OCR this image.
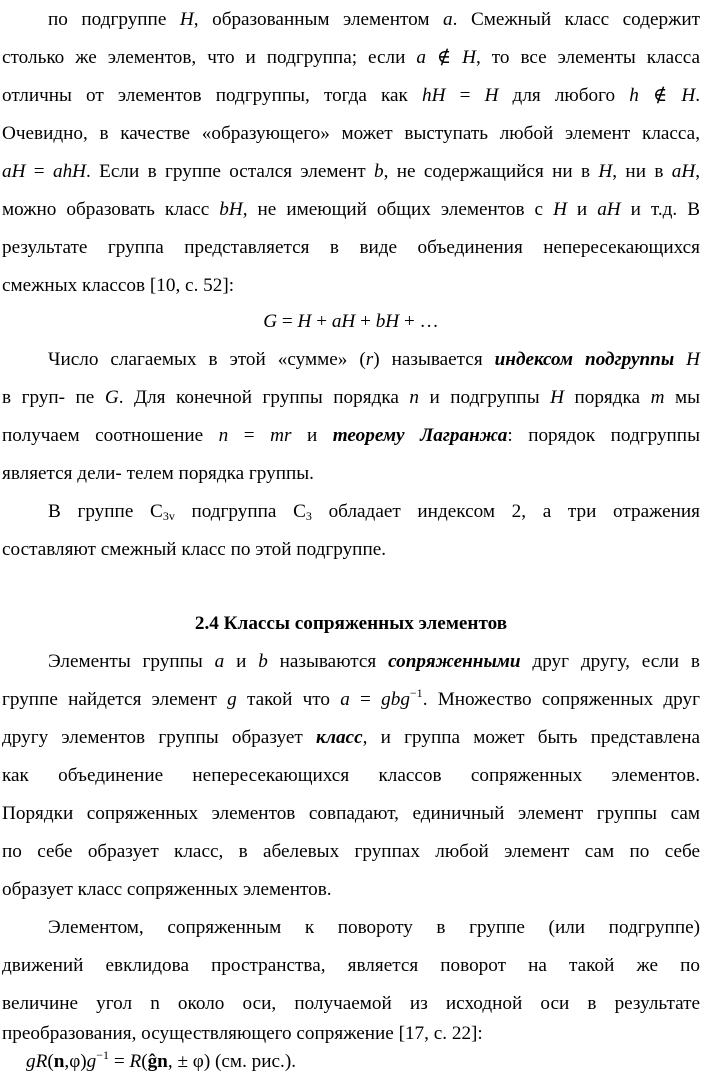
по подгруппе H, образованным элементом a. Смежный класс содержит
столько же элементов, что и подгруппа; если a ∉ H, то все элементы класса
отличны от элементов подгруппы, тогда как hH = H для любого h ∉ H.
Очевидно, в качестве «образующего» может выступать любой элемент класса,
aH = ahH. Если в группе остался элемент b, не содержащийся ни в H, ни в aH,
можно образовать класс bH, не имеющий общих элементов с H и aH и т.д. В
результате группа представляется в виде объединения непересекающихся
смежных классов [10, с. 52]:
G = H + aH + bH + …
Число слагаемых в этой «сумме» (r) называется индексом подгруппы H
в груп- пе G. Для конечной группы порядка n и подгруппы H порядка m мы
получаем соотношение n = mr и теорему Лагранжа: порядок подгруппы
является дели- телем порядка группы.
В группе $С_{3v}$ подгруппа $С_3$ обладает индексом 2, а три отражения
составляют смежный класс по этой подгруппе.
2.4 Классы сопряженных элементов
Элементы группы a и b называются сопряженными друг другу, если в
группе найдется элемент g такой что a = gbg$^{-1}$. Множество сопряженных друг
другу элементов группы образует класс, и группа может быть представлена
как объединение непересекающихся классов сопряженных элементов.
Порядки сопряженных элементов совпадают, единичный элемент группы сам
по себе образует класс, в абелевых группах любой элемент сам по себе
образует класс сопряженных элементов.
Элементом, сопряженным к повороту в группе (или подгруппе)
движений евклидова пространства, является поворот на такой же по
величине угол n около оси, получаемой из исходной оси в результате
преобразования, осуществляющего сопряжение [17, с. 22]:
$gR(n,\varphi)g^{-1}$ = R(ĝn, ± φ) (см. рис.).
